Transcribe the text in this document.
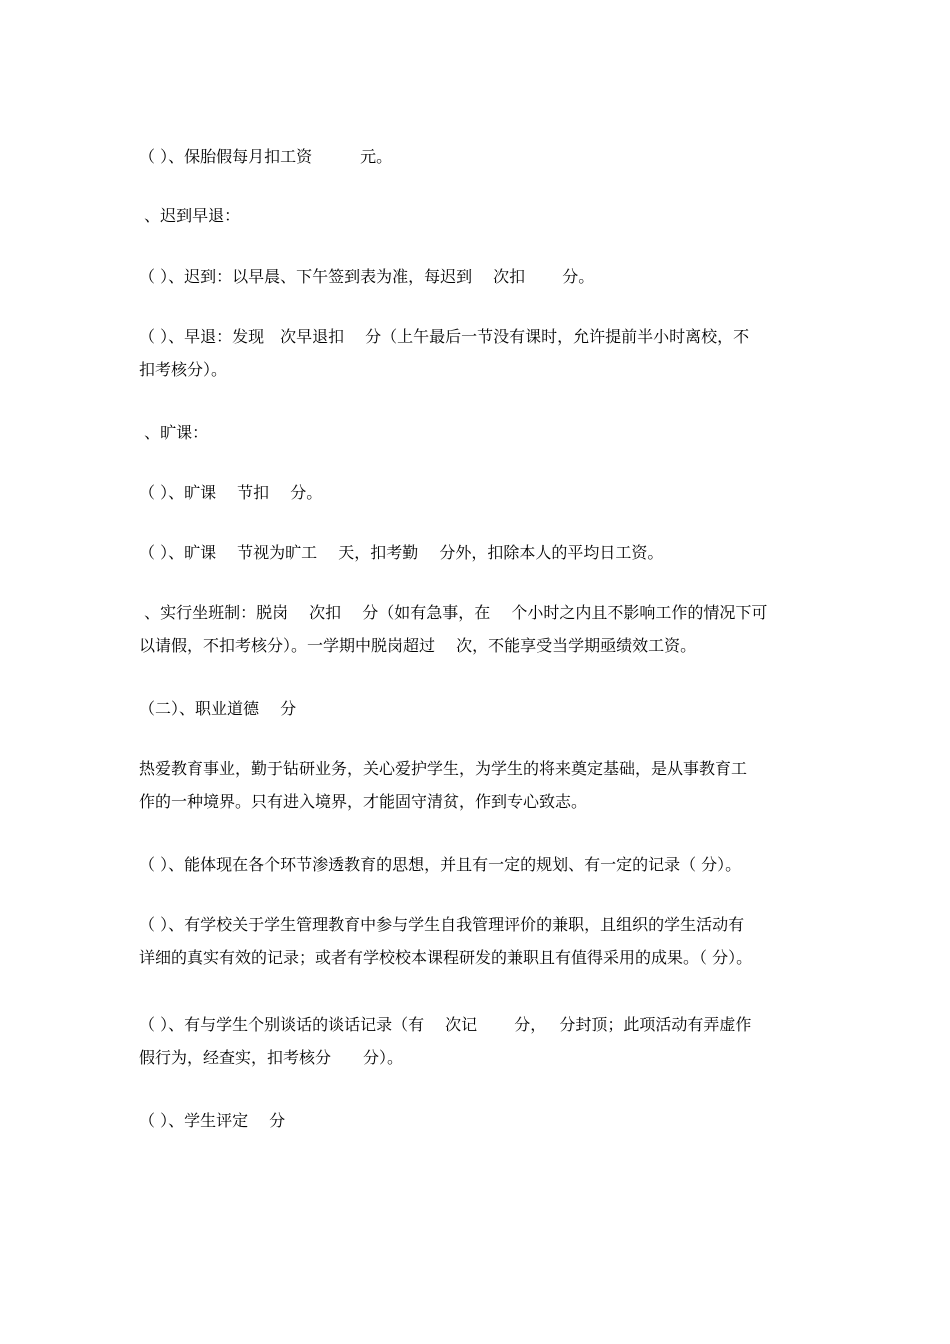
（ ）、保胎假每月扣工资　　　元。

、迟到早退：

（ ）、迟到：以早晨、下午签到表为准，每迟到　 次扣　　 分。

（ ）、早退：发现　次早退扣　 分（上午最后一节没有课时，允许提前半小时离校，不
扣考核分）。

、旷课：

（ ）、旷课　 节扣　 分。

（ ）、旷课　 节视为旷工　 天，扣考勤　 分外，扣除本人的平均日工资。

、实行坐班制：脱岗　 次扣　 分（如有急事，在　 个小时之内且不影响工作的情况下可
以请假，不扣考核分）。一学期中脱岗超过　 次，不能享受当学期亟绩效工资。

（二）、职业道德　 分

热爱教育事业，勤于钻研业务，关心爱护学生，为学生的将来奠定基础，是从事教育工
作的一种境界。只有进入境界，才能固守清贫，作到专心致志。

（ ）、能体现在各个环节渗透教育的思想，并且有一定的规划、有一定的记录（ 分）。

（ ）、有学校关于学生管理教育中参与学生自我管理评价的兼职，且组织的学生活动有
详细的真实有效的记录；或者有学校校本课程研发的兼职且有值得采用的成果。（ 分）。

（ ）、有与学生个别谈话的谈话记录（有　 次记　　 分，　 分封顶；此项活动有弄虚作
假行为，经查实，扣考核分　　分）。

（ ）、学生评定　 分
